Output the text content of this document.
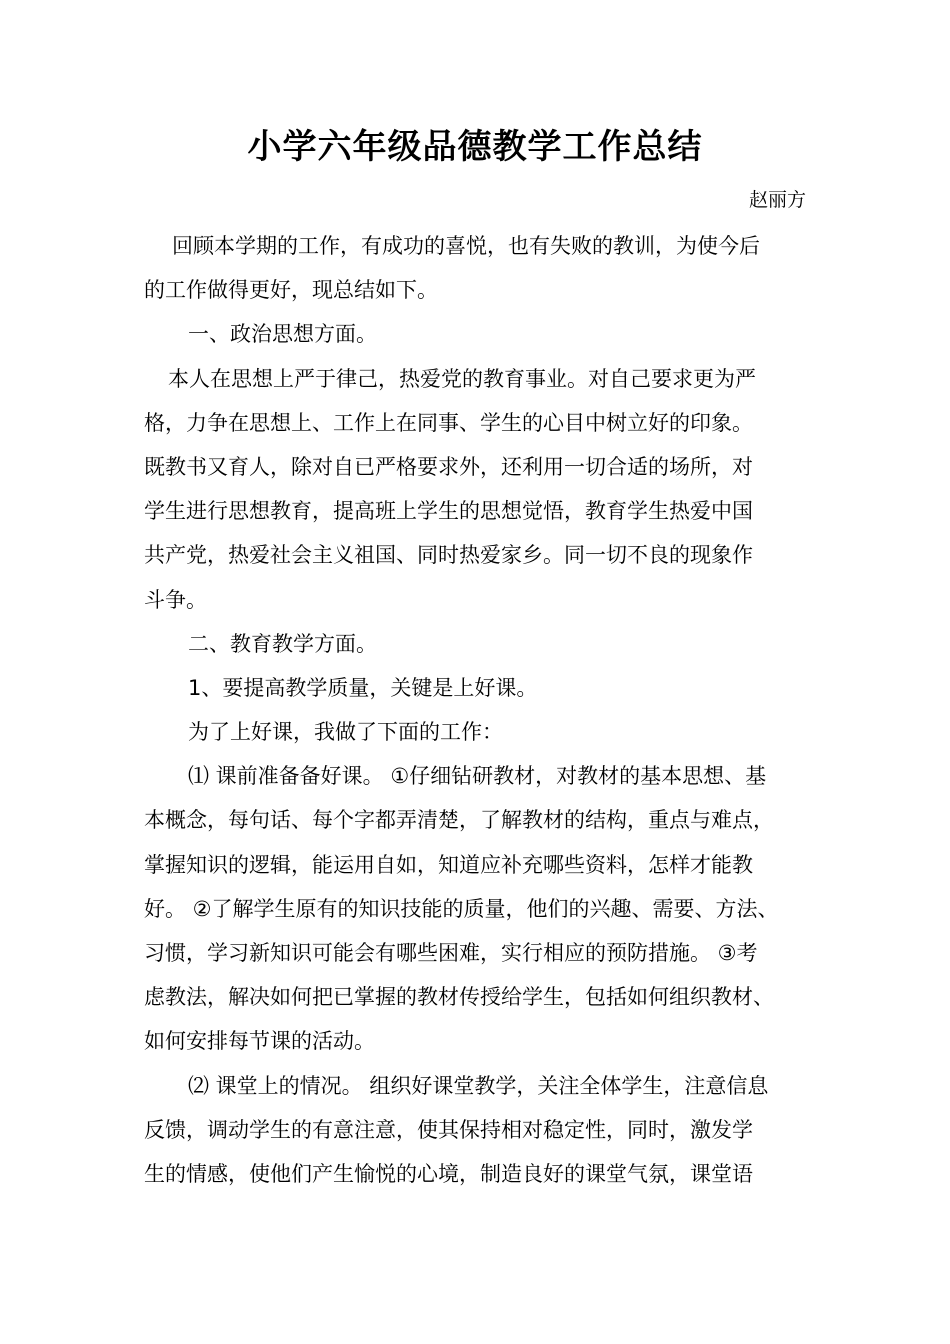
小学六年级品德教学工作总结
赵丽方
回顾本学期的工作，有成功的喜悦，也有失败的教训，为使今后
的工作做得更好，现总结如下。
一、政治思想方面。
本人在思想上严于律己，热爱党的教育事业。对自己要求更为严
格，力争在思想上、工作上在同事、学生的心目中树立好的印象。
既教书又育人，除对自已严格要求外，还利用一切合适的场所，对
学生进行思想教育，提高班上学生的思想觉悟，教育学生热爱中国
共产党，热爱社会主义祖国、同时热爱家乡。同一切不良的现象作
斗争。
二、教育教学方面。
1、要提高教学质量，关键是上好课。
为了上好课，我做了下面的工作：
⑴ 课前准备备好课。 ①仔细钻研教材，对教材的基本思想、基
本概念，每句话、每个字都弄清楚，了解教材的结构，重点与难点，
掌握知识的逻辑，能运用自如，知道应补充哪些资料，怎样才能教
好。 ②了解学生原有的知识技能的质量，他们的兴趣、需要、方法、
习惯，学习新知识可能会有哪些困难，实行相应的预防措施。 ③考
虑教法，解决如何把已掌握的教材传授给学生，包括如何组织教材、
如何安排每节课的活动。
⑵ 课堂上的情况。 组织好课堂教学，关注全体学生，注意信息
反馈，调动学生的有意注意，使其保持相对稳定性，同时，激发学
生的情感，使他们产生愉悦的心境，制造良好的课堂气氛，课堂语
